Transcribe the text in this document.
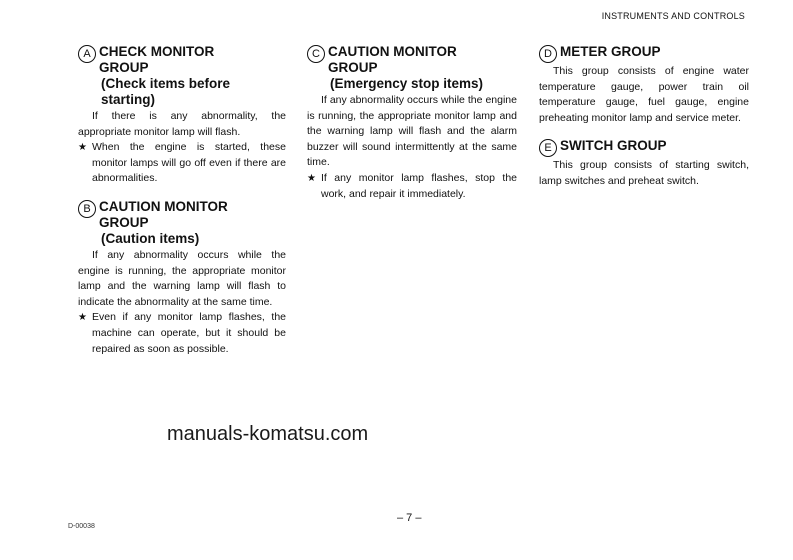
INSTRUMENTS AND CONTROLS
A CHECK MONITOR
GROUP
(Check items before
starting)
If there is any abnormality, the appropriate monitor lamp will flash.
★ When the engine is started, these monitor lamps will go off even if there are abnormalities.
B CAUTION MONITOR
GROUP
(Caution items)
If any abnormality occurs while the engine is running, the appropriate monitor lamp and the warning lamp will flash to indicate the abnormality at the same time.
★ Even if any monitor lamp flashes, the machine can operate, but it should be repaired as soon as possible.
C CAUTION MONITOR
GROUP
(Emergency stop items)
If any abnormality occurs while the engine is running, the appropriate monitor lamp and the warning lamp will flash and the alarm buzzer will sound intermittently at the same time.
★ If any monitor lamp flashes, stop the work, and repair it immediately.
D METER GROUP
This group consists of engine water temperature gauge, power train oil temperature gauge, fuel gauge, engine preheating monitor lamp and service meter.
E SWITCH GROUP
This group consists of starting switch, lamp switches and preheat switch.
manuals-komatsu.com
– 7 –
D-00038
